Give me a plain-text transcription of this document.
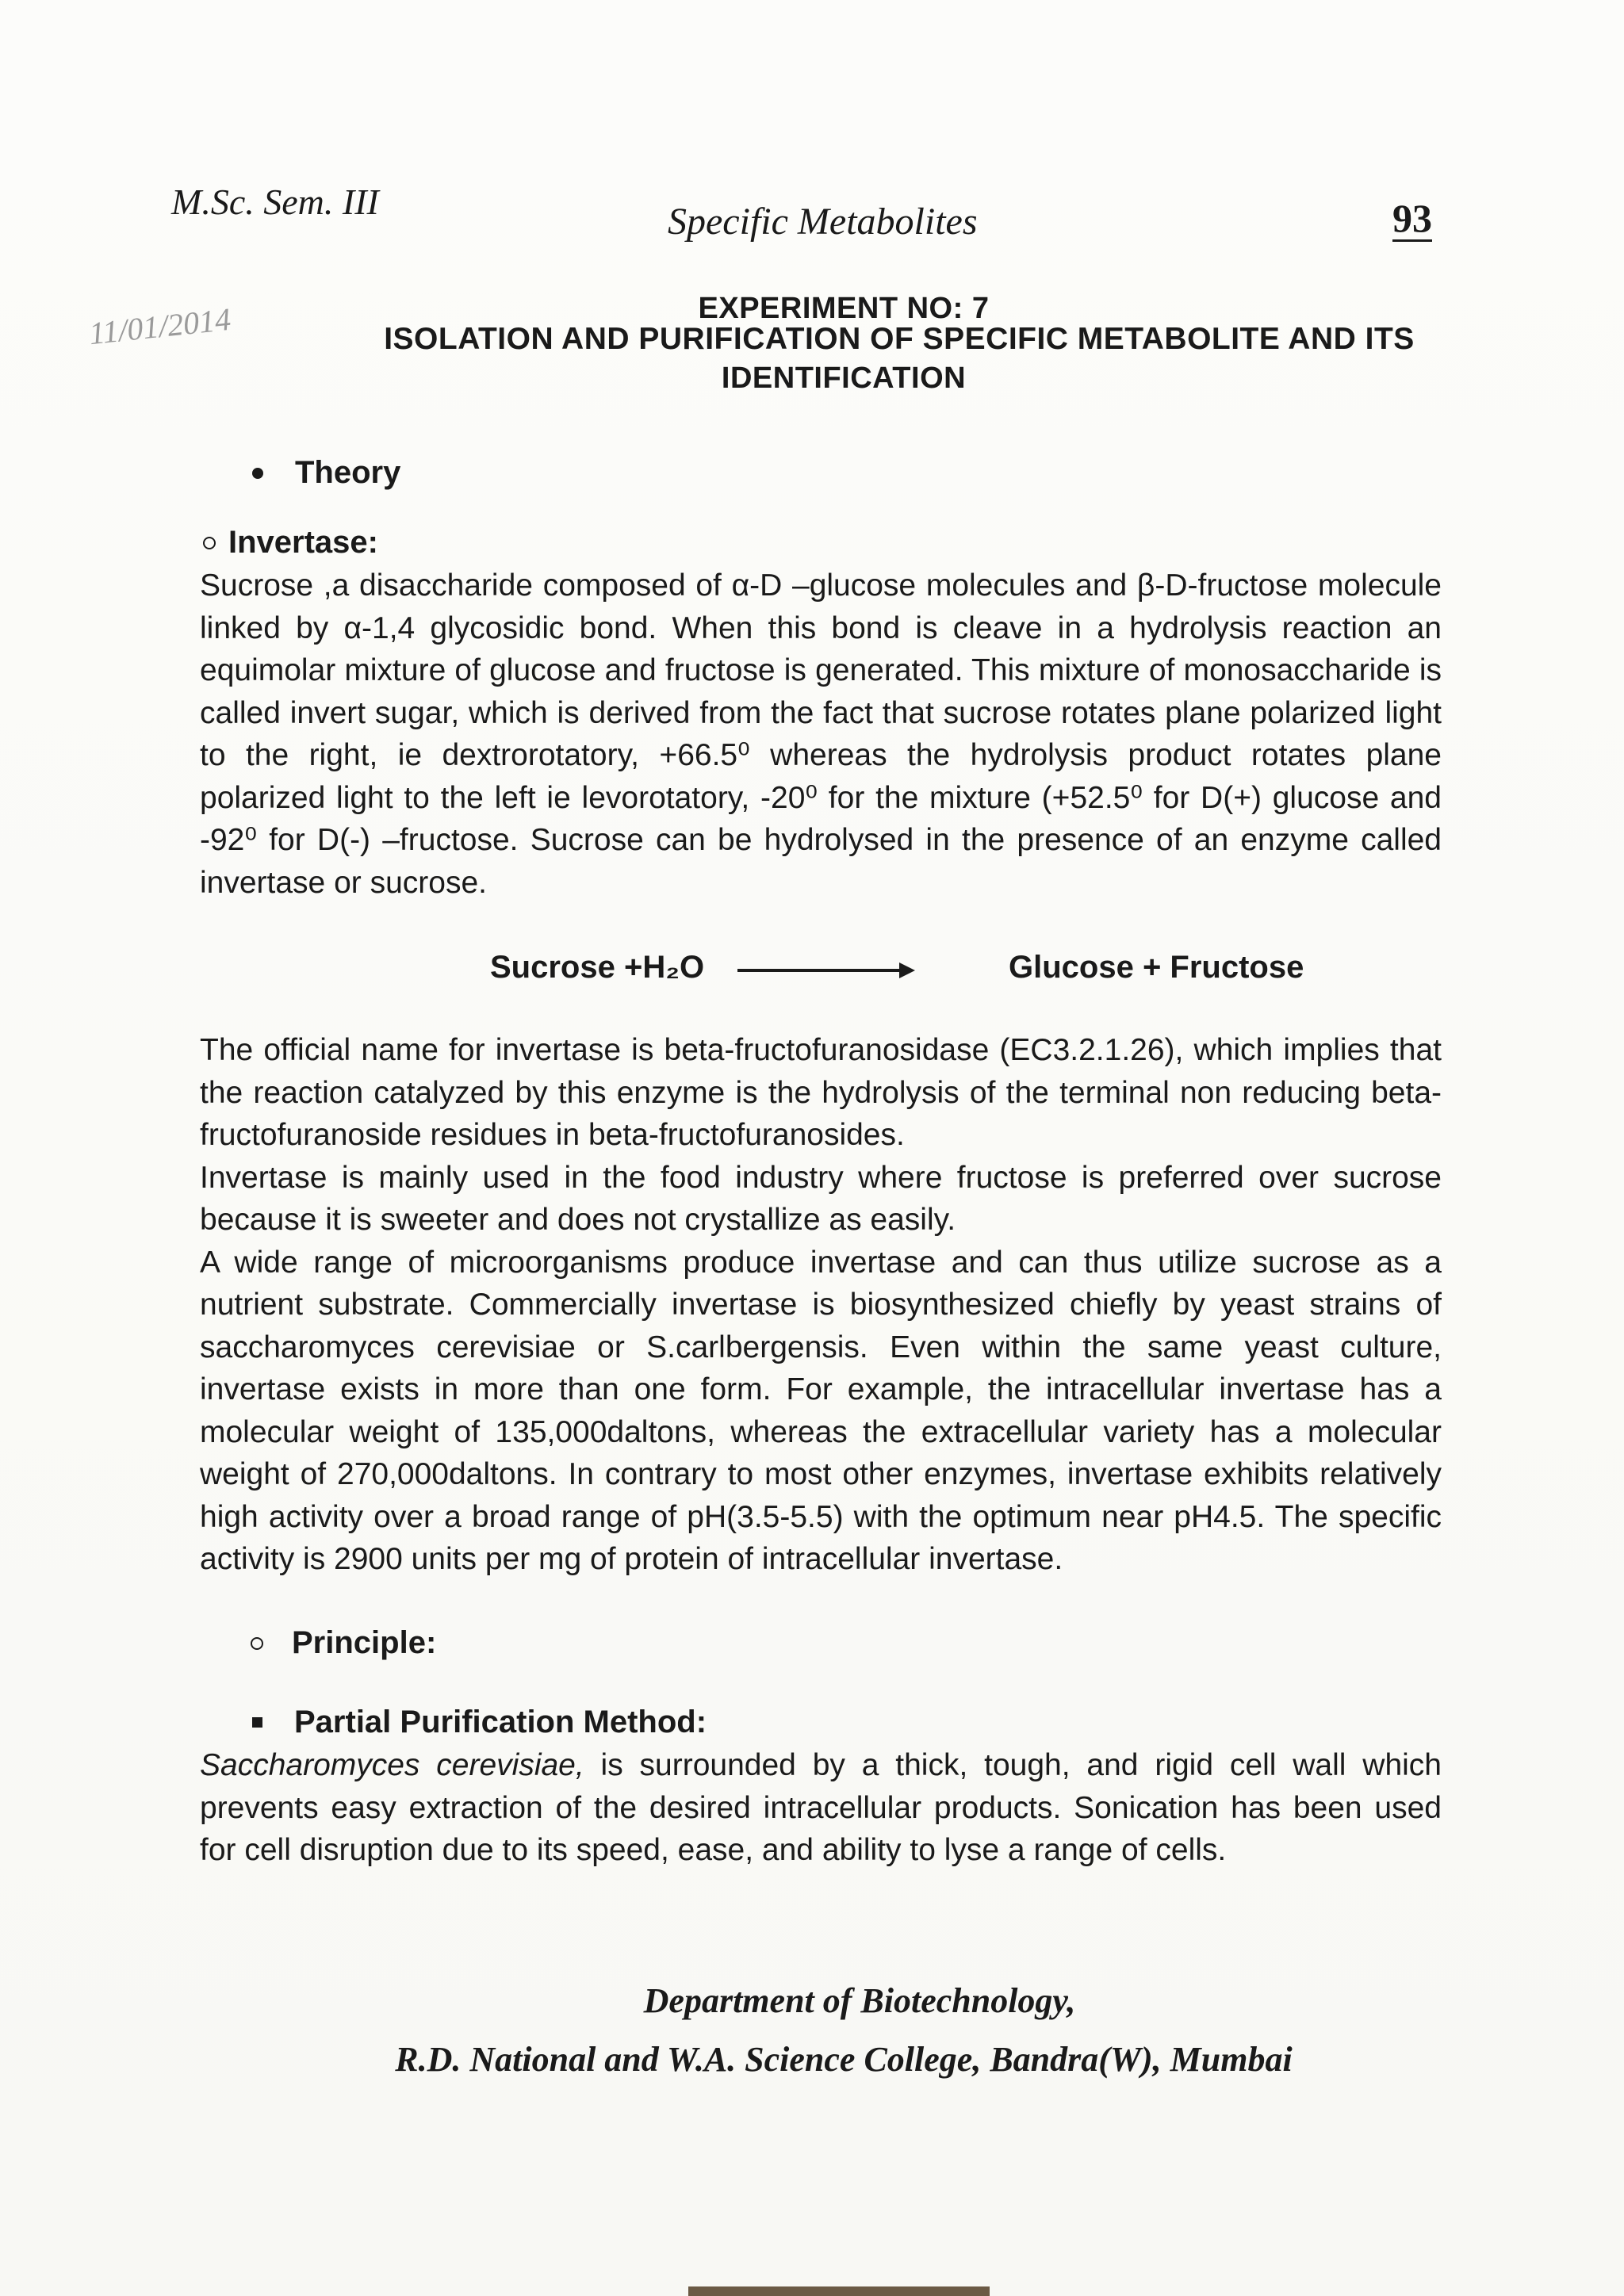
M.Sc. Sem. III	Specific Metabolites	93
11/01/2014	EXPERIMENT NO: 7
ISOLATION AND PURIFICATION OF SPECIFIC METABOLITE AND ITS
IDENTIFICATION
Theory
Invertase:

Sucrose ,a disaccharide composed of α-D –glucose molecules and β-D-fructose molecule linked by α-1,4 glycosidic bond. When this bond is cleave in a hydrolysis reaction an equimolar mixture of glucose and fructose is generated. This mixture of monosaccharide is called invert sugar, which is derived from the fact that sucrose rotates plane polarized light to the right, ie dextrorotatory, +66.5⁰ whereas the hydrolysis product rotates plane polarized light to the left ie levorotatory, -20⁰ for the mixture (+52.5⁰ for D(+) glucose and -92⁰ for D(-) –fructose. Sucrose can be hydrolysed in the presence of an enzyme called invertase or sucrose.

Sucrose +H₂O	Glucose + Fructose

The official name for invertase is beta-fructofuranosidase (EC3.2.1.26), which implies that the reaction catalyzed by this enzyme is the hydrolysis of the terminal non reducing beta-fructofuranoside residues in beta-fructofuranosides.

Invertase is mainly used in the food industry where fructose is preferred over sucrose because it is sweeter and does not crystallize as easily.

A wide range of microorganisms produce invertase and can thus utilize sucrose as a nutrient substrate. Commercially invertase is biosynthesized chiefly by yeast strains of saccharomyces cerevisiae or S.carlbergensis. Even within the same yeast culture, invertase exists in more than one form. For example, the intracellular invertase has a molecular weight of 135,000daltons, whereas the extracellular variety has a molecular weight of 270,000daltons. In contrary to most other enzymes, invertase exhibits relatively high activity over a broad range of pH(3.5-5.5) with the optimum near pH4.5. The specific activity is 2900 units per mg of protein of intracellular invertase.

Principle:
Partial Purification Method:

Saccharomyces cerevisiae, is surrounded by a thick, tough, and rigid cell wall which prevents easy extraction of the desired intracellular products. Sonication has been used for cell disruption due to its speed, ease, and ability to lyse a range of cells.

Department of Biotechnology,
R.D. National and W.A. Science College, Bandra(W), Mumbai
